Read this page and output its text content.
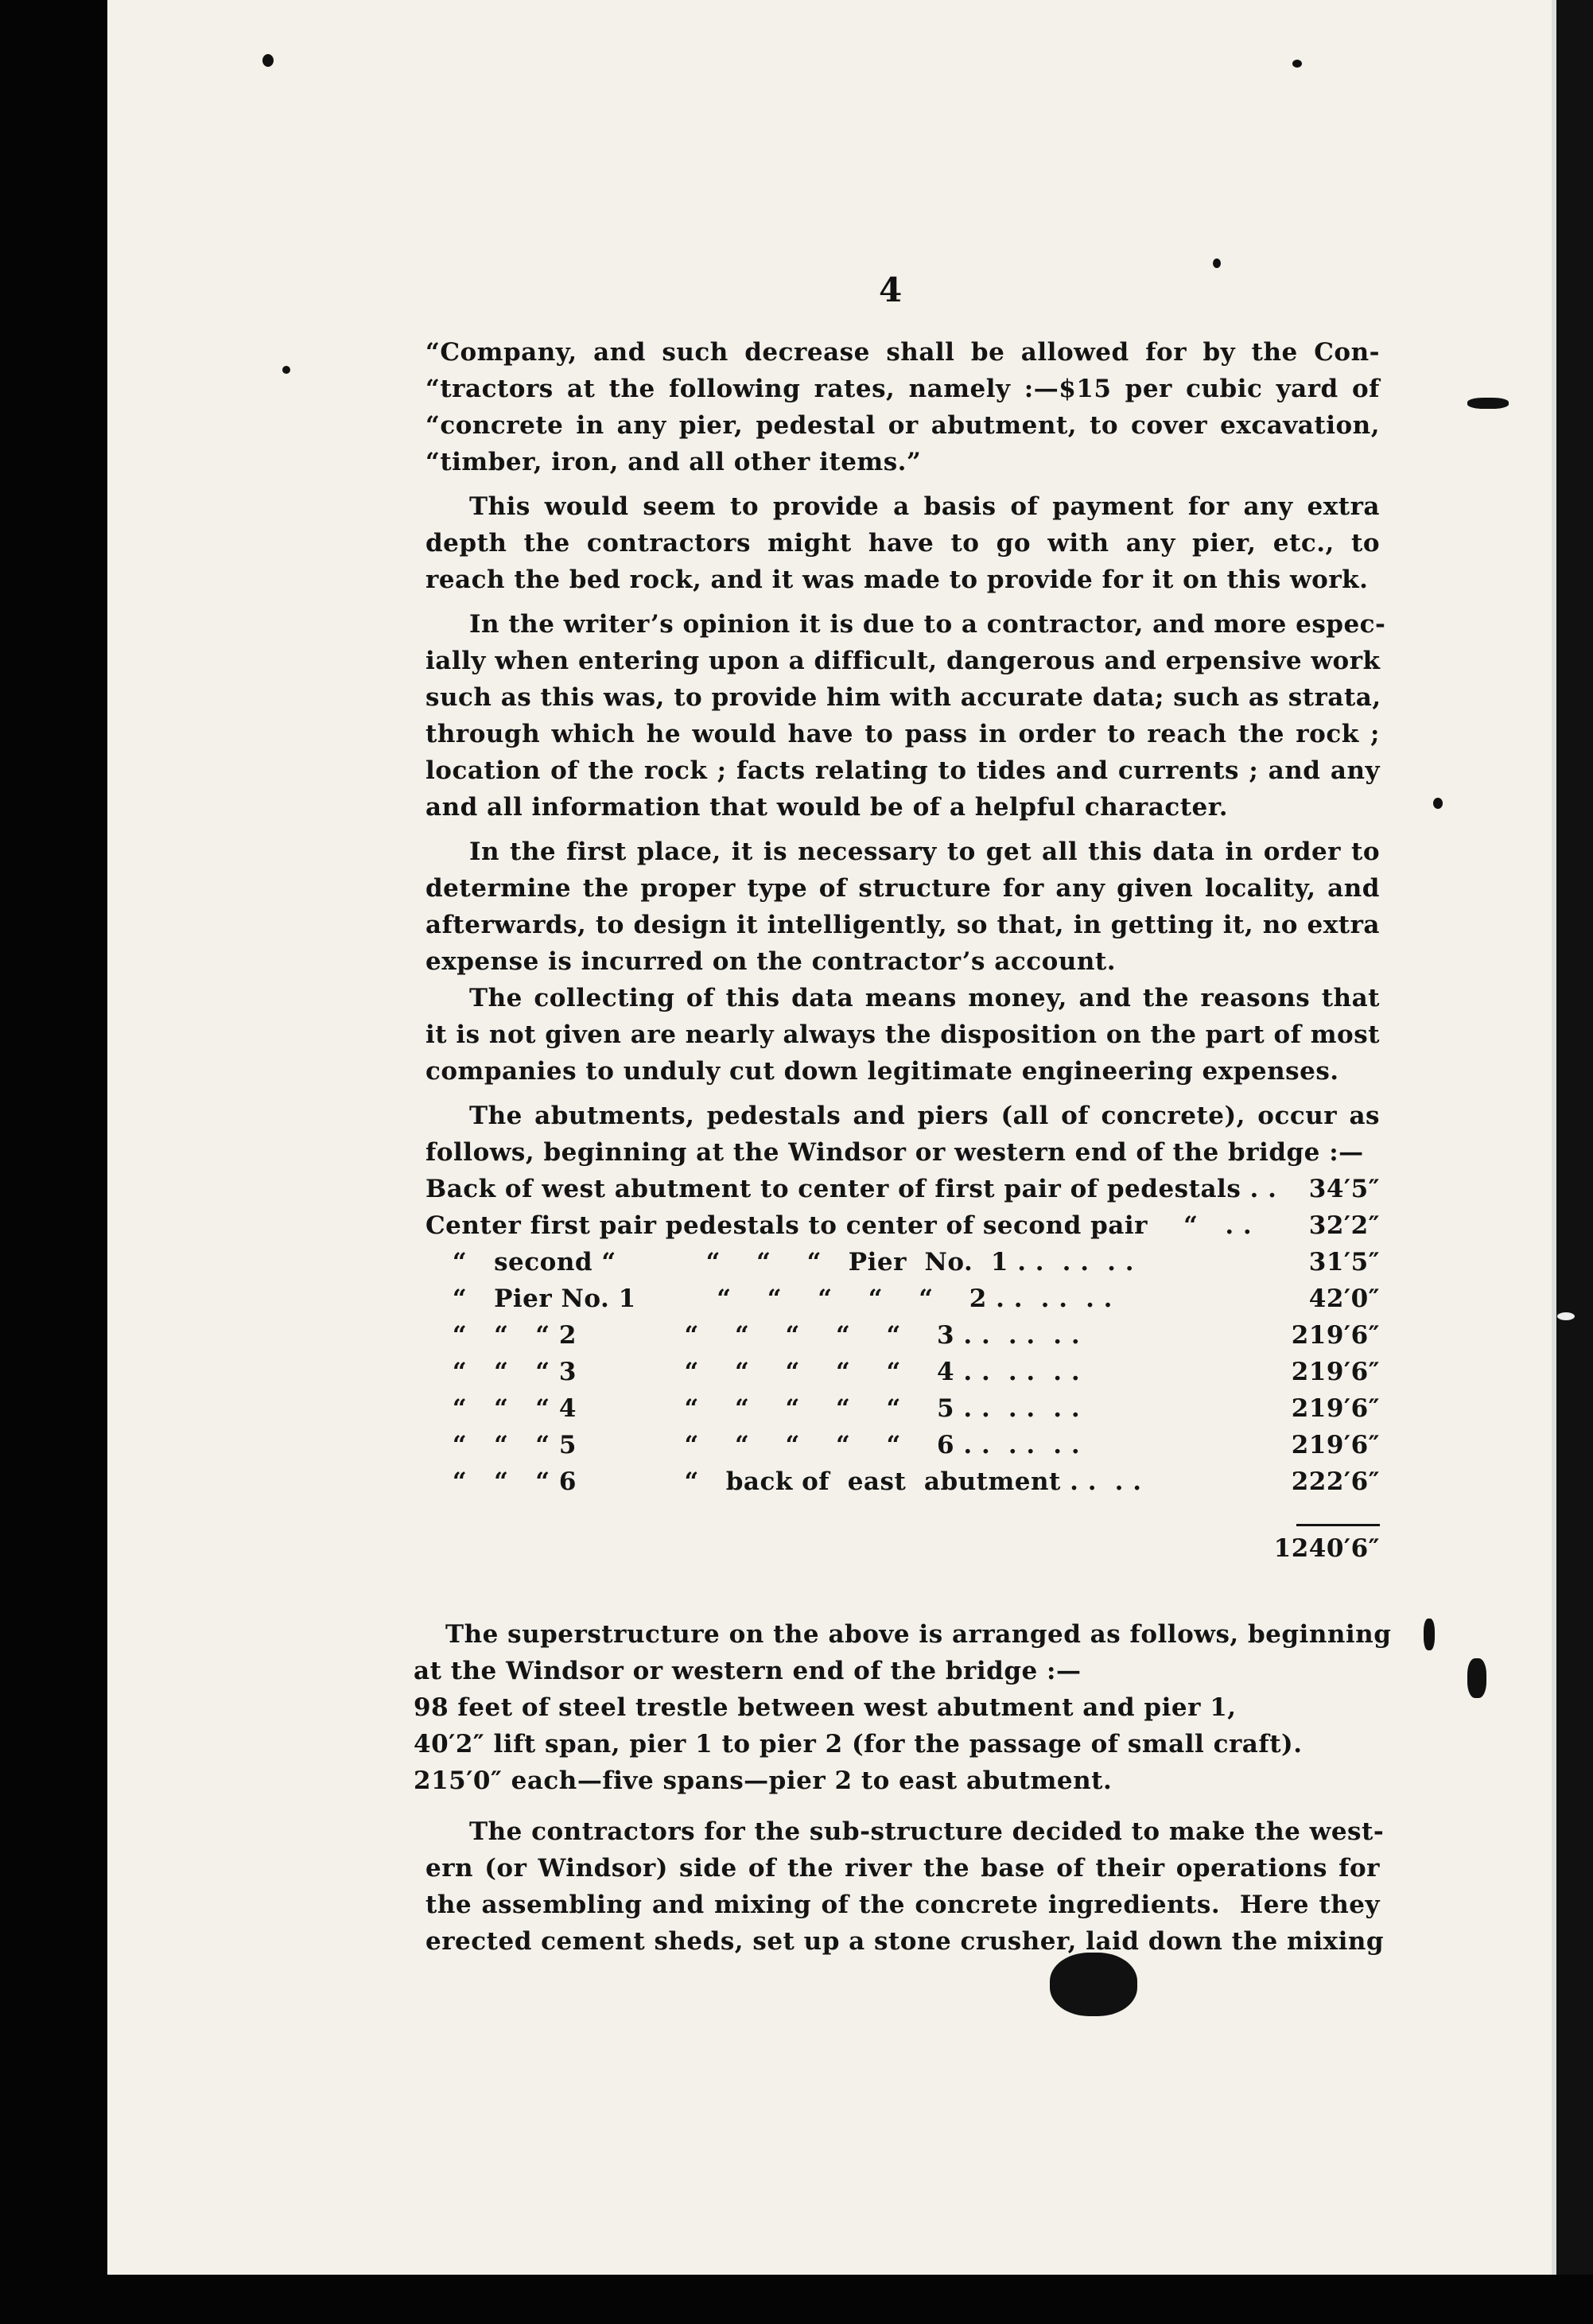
4

“Company, and such decrease shall be allowed for by the Con-
“tractors at the following rates, namely :—$15 per cubic yard of
“concrete in any pier, pedestal or abutment, to cover excavation,
“timber, iron, and all other items.”

This would seem to provide a basis of payment for any extra
depth the contractors might have to go with any pier, etc., to
reach the bed rock, and it was made to provide for it on this work.

In the writer’s opinion it is due to a contractor, and more espec-
ially when entering upon a difficult, dangerous and erpensive work
such as this was, to provide him with accurate data; such as strata,
through which he would have to pass in order to reach the rock ;
location of the rock ; facts relating to tides and currents ; and any
and all information that would be of a helpful character.

In the first place, it is necessary to get all this data in order to
determine the proper type of structure for any given locality, and
afterwards, to design it intelligently, so that, in getting it, no extra
expense is incurred on the contractor’s account.

The collecting of this data means money, and the reasons that
it is not given are nearly always the disposition on the part of most
companies to unduly cut down legitimate engineering expenses.

The abutments, pedestals and piers (all of concrete), occur as
follows, beginning at the Windsor or western end of the bridge :—

Back of west abutment to center of first pair of pedestals . .	34′5″
Center first pair pedestals to center of second pair    “   . .	32′2″
“   second “          “    “    “   Pier  No.  1 . .  . .  . .	31′5″
“   Pier No. 1         “    “    “    “    “    2 . .  . .  . .	42′0″
“   “   “ 2            “    “    “    “    “    3 . .  . .  . .	219′6″
“   “   “ 3            “    “    “    “    “    4 . .  . .  . .	219′6″
“   “   “ 4            “    “    “    “    “    5 . .  . .  . .	219′6″
“   “   “ 5            “    “    “    “    “    6 . .  . .  . .	219′6″
“   “   “ 6            “   back of  east  abutment . .  . .	222′6″
1240′6″

The superstructure on the above is arranged as follows, beginning
at the Windsor or western end of the bridge :—
98 feet of steel trestle between west abutment and pier 1,
40′2″ lift span, pier 1 to pier 2 (for the passage of small craft).
215′0″ each—five spans—pier 2 to east abutment.

The contractors for the sub-structure decided to make the west-
ern (or Windsor) side of the river the base of their operations for
the assembling and mixing of the concrete ingredients.  Here they
erected cement sheds, set up a stone crusher, laid down the mixing
